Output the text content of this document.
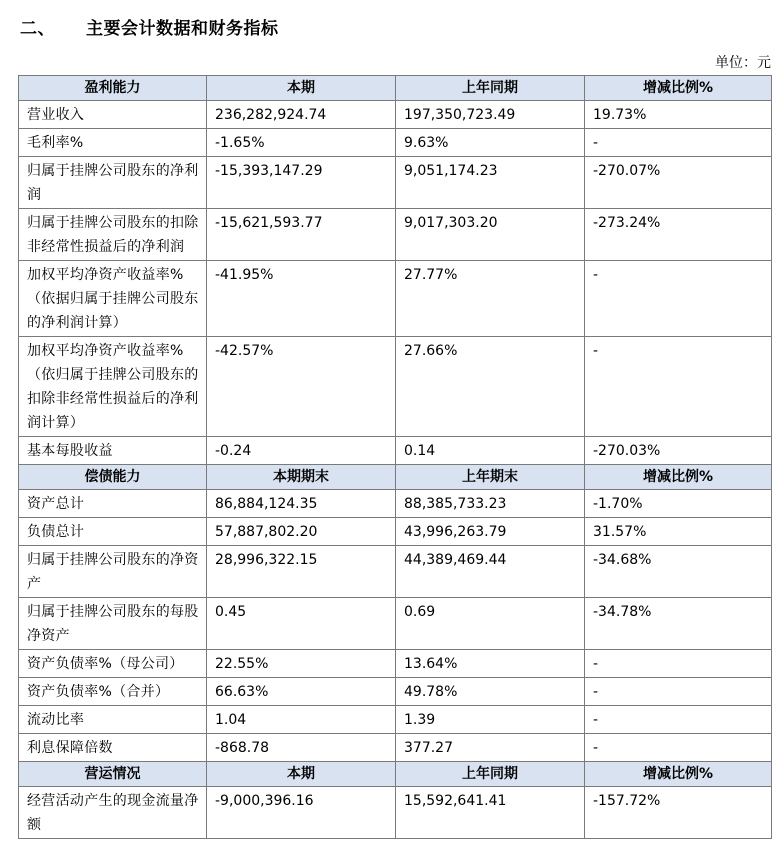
二、 主要会计数据和财务指标
单位：元
盈利能力	本期	上年同期	增减比例%
营业收入	236,282,924.74	197,350,723.49	19.73%
毛利率%	-1.65%	9.63%	-
归属于挂牌公司股东的净利润	-15,393,147.29	9,051,174.23	-270.07%
归属于挂牌公司股东的扣除非经常性损益后的净利润	-15,621,593.77	9,017,303.20	-273.24%
加权平均净资产收益率%（依据归属于挂牌公司股东的净利润计算）	-41.95%	27.77%	-
加权平均净资产收益率%（依归属于挂牌公司股东的扣除非经常性损益后的净利润计算）	-42.57%	27.66%	-
基本每股收益	-0.24	0.14	-270.03%
偿债能力	本期期末	上年期末	增减比例%
资产总计	86,884,124.35	88,385,733.23	-1.70%
负债总计	57,887,802.20	43,996,263.79	31.57%
归属于挂牌公司股东的净资产	28,996,322.15	44,389,469.44	-34.68%
归属于挂牌公司股东的每股净资产	0.45	0.69	-34.78%
资产负债率%（母公司）	22.55%	13.64%	-
资产负债率%（合并）	66.63%	49.78%	-
流动比率	1.04	1.39	-
利息保障倍数	-868.78	377.27	-
营运情况	本期	上年同期	增减比例%
经营活动产生的现金流量净额	-9,000,396.16	15,592,641.41	-157.72%
